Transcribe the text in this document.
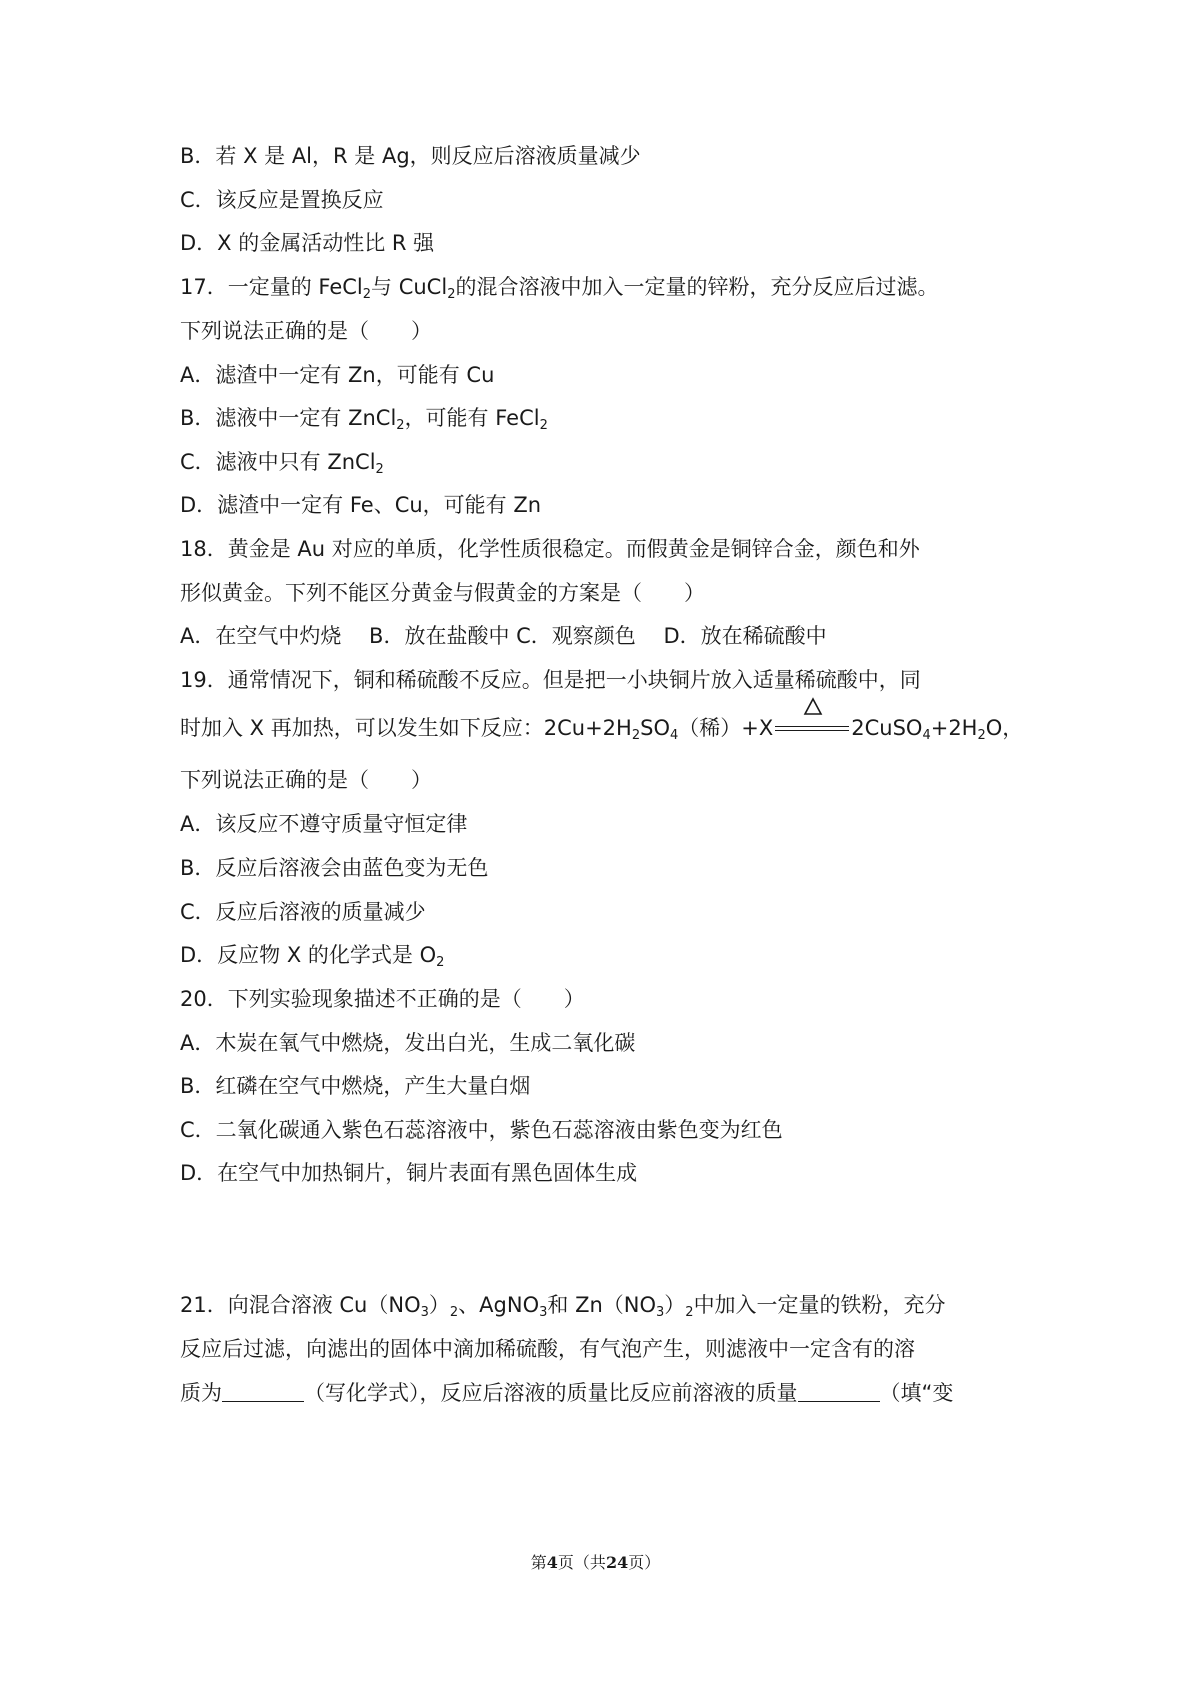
B．若 X 是 Al，R 是 Ag，则反应后溶液质量减少
C．该反应是置换反应
D．X 的金属活动性比 R 强
17．一定量的 FeCl$_2$与 CuCl$_2$的混合溶液中加入一定量的锌粉，充分反应后过滤。
下列说法正确的是（　　）
A．滤渣中一定有 Zn，可能有 Cu
B．滤液中一定有 ZnCl$_2$，可能有 FeCl$_2$
C．滤液中只有 ZnCl$_2$
D．滤渣中一定有 Fe、Cu，可能有 Zn
18．黄金是 Au 对应的单质，化学性质很稳定。而假黄金是铜锌合金，颜色和外
形似黄金。下列不能区分黄金与假黄金的方案是（　　）
A．在空气中灼烧　 B．放在盐酸中 C．观察颜色　 D．放在稀硫酸中
19．通常情况下，铜和稀硫酸不反应。但是把一小块铜片放入适量稀硫酸中，同
时加入 X 再加热，可以发生如下反应：$2Cu+2H_2SO_4$（稀）+X	$2CuSO_4+2H_2O$，
下列说法正确的是（　　）
A．该反应不遵守质量守恒定律
B．反应后溶液会由蓝色变为无色
C．反应后溶液的质量减少
D．反应物 X 的化学式是 $O_2$
20．下列实验现象描述不正确的是（　　）
A．木炭在氧气中燃烧，发出白光，生成二氧化碳
B．红磷在空气中燃烧，产生大量白烟
C．二氧化碳通入紫色石蕊溶液中，紫色石蕊溶液由紫色变为红色
D．在空气中加热铜片，铜片表面有黑色固体生成
21．向混合溶液 $Cu(NO_3)_2$、AgNO$_3$和 $Zn(NO_3)_2$中加入一定量的铁粉，充分
反应后过滤，向滤出的固体中滴加稀硫酸，有气泡产生，则滤液中一定含有的溶
质为	（写化学式），反应后溶液的质量比反应前溶液的质量	（填“变
第4页（共24页）
